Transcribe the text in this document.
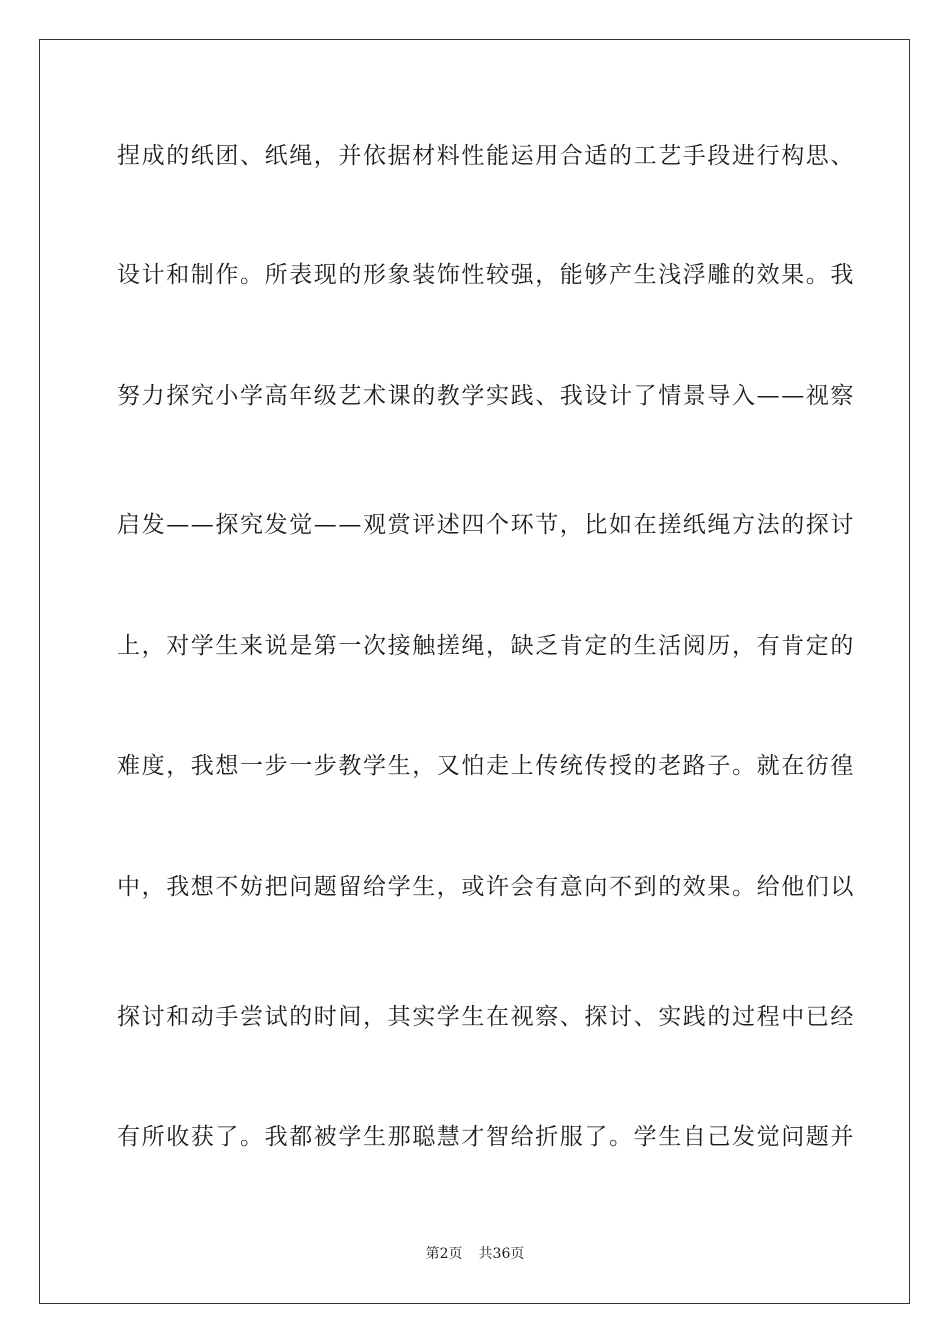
捏成的纸团、纸绳，并依据材料性能运用合适的工艺手段进行构思、
设计和制作。所表现的形象装饰性较强，能够产生浅浮雕的效果。我
努力探究小学高年级艺术课的教学实践、我设计了情景导入——视察
启发——探究发觉——观赏评述四个环节，比如在搓纸绳方法的探讨
上，对学生来说是第一次接触搓绳，缺乏肯定的生活阅历，有肯定的
难度，我想一步一步教学生，又怕走上传统传授的老路子。就在彷徨
中，我想不妨把问题留给学生，或许会有意向不到的效果。给他们以
探讨和动手尝试的时间，其实学生在视察、探讨、实践的过程中已经
有所收获了。我都被学生那聪慧才智给折服了。学生自己发觉问题并
第2页 共36页
